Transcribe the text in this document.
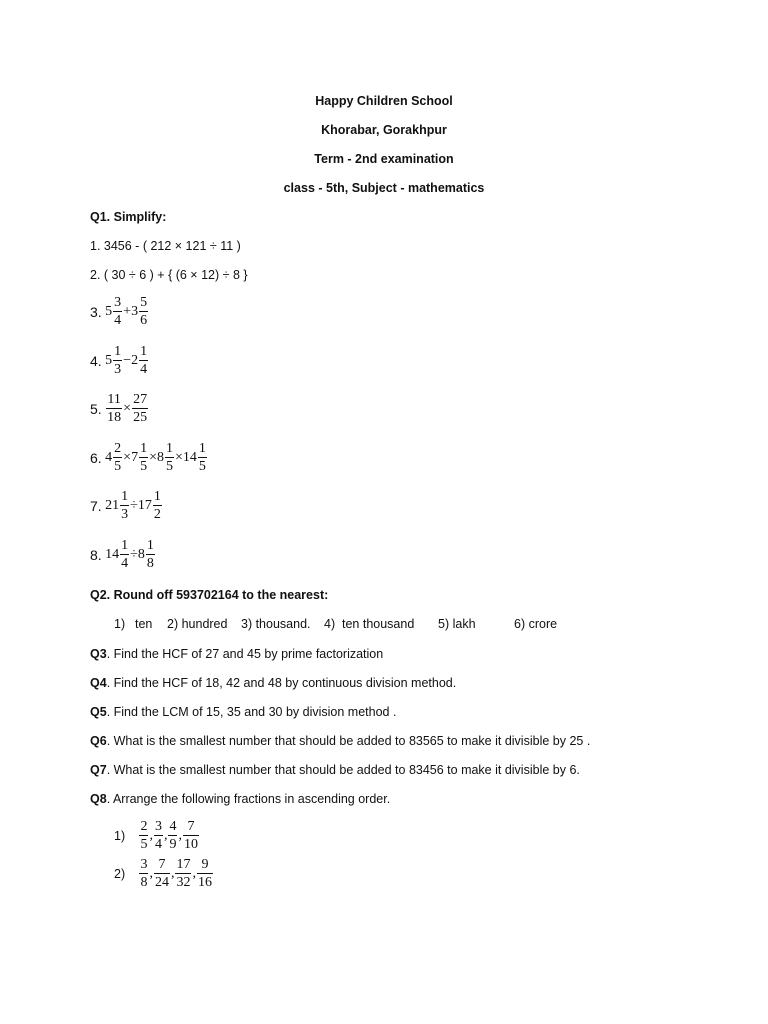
Happy Children School
Khorabar, Gorakhpur
Term - 2nd examination
class - 5th, Subject - mathematics
Q1. Simplify:
1. 3456 - ( 212 × 121 ÷ 11 )
2. ( 30 ÷ 6 ) + { (6 × 12) ÷ 8 }
3. $5 \frac{3}{4} +3 \frac{5}{6}$
4. $5 \frac{1}{3} -2 \frac{1}{4}$
5. $\frac{11}{18} \times \frac{27}{25}$
6. $4 \frac{2}{5} \times 7 \frac{1}{5} \times 8 \frac{1}{5} \times 14 \frac{1}{5}$
7. $21 \frac{1}{3} \div 17 \frac{1}{2}$
8. $14 \frac{1}{4} \div 8 \frac{1}{8}$
Q2. Round off 593702164 to the nearest:
1) ten 2) hundred 3) thousand. 4) ten thousand 5) lakh	6) crore
Q3. Find the HCF of 27 and 45 by prime factorization
Q4. Find the HCF of 18, 42 and 48 by continuous division method.
Q5. Find the LCM of 15, 35 and 30 by division method .
Q6. What is the smallest number that should be added to 83565 to make it divisible by 25 .
Q7. What is the smallest number that should be added to 83456 to make it divisible by 6.
Q8. Arrange the following fractions in ascending order.
$1) \frac{2}{5}$ , $\frac{3}{4}$ , $\frac{4}{9}$ , $\frac{7}{10}$
$2) \frac{3}{8}$ , $\frac{7}{24}$ , $\frac{17}{32}$ , $\frac{9}{16}$
